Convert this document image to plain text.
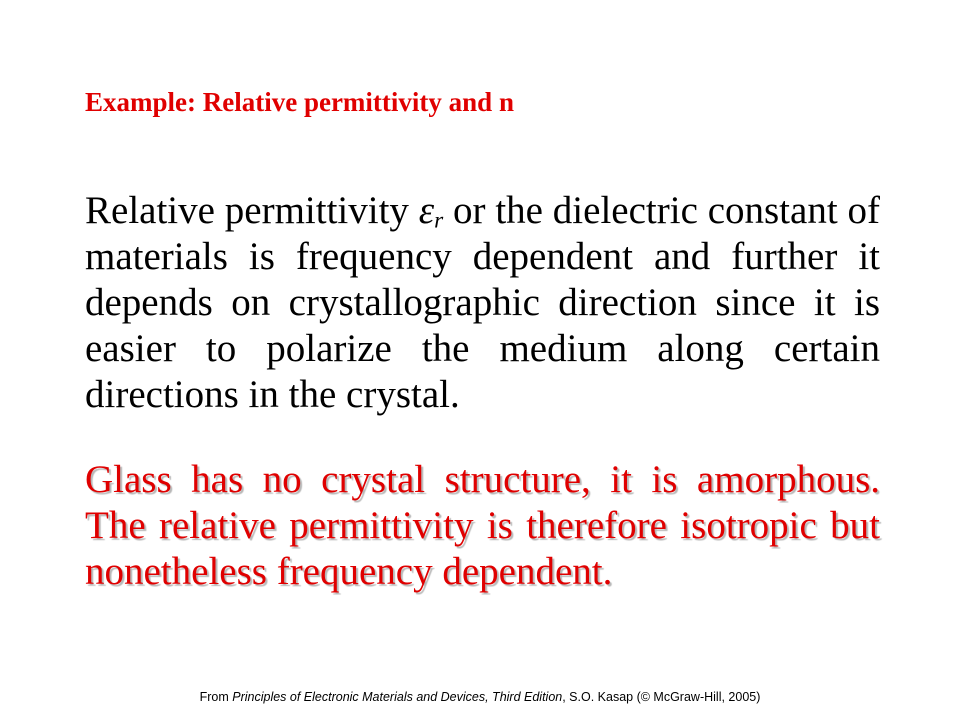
Example: Relative permittivity and n

Relative permittivity $\varepsilon_r$ or the dielectric constant of materials is frequency dependent and further it depends on crystallographic direction since it is easier to polarize the medium along certain directions in the crystal.

Glass has no crystal structure, it is amorphous. The relative permittivity is therefore isotropic but nonetheless frequency dependent.

From Principles of Electronic Materials and Devices, Third Edition, S.O. Kasap (© McGraw-Hill, 2005)
